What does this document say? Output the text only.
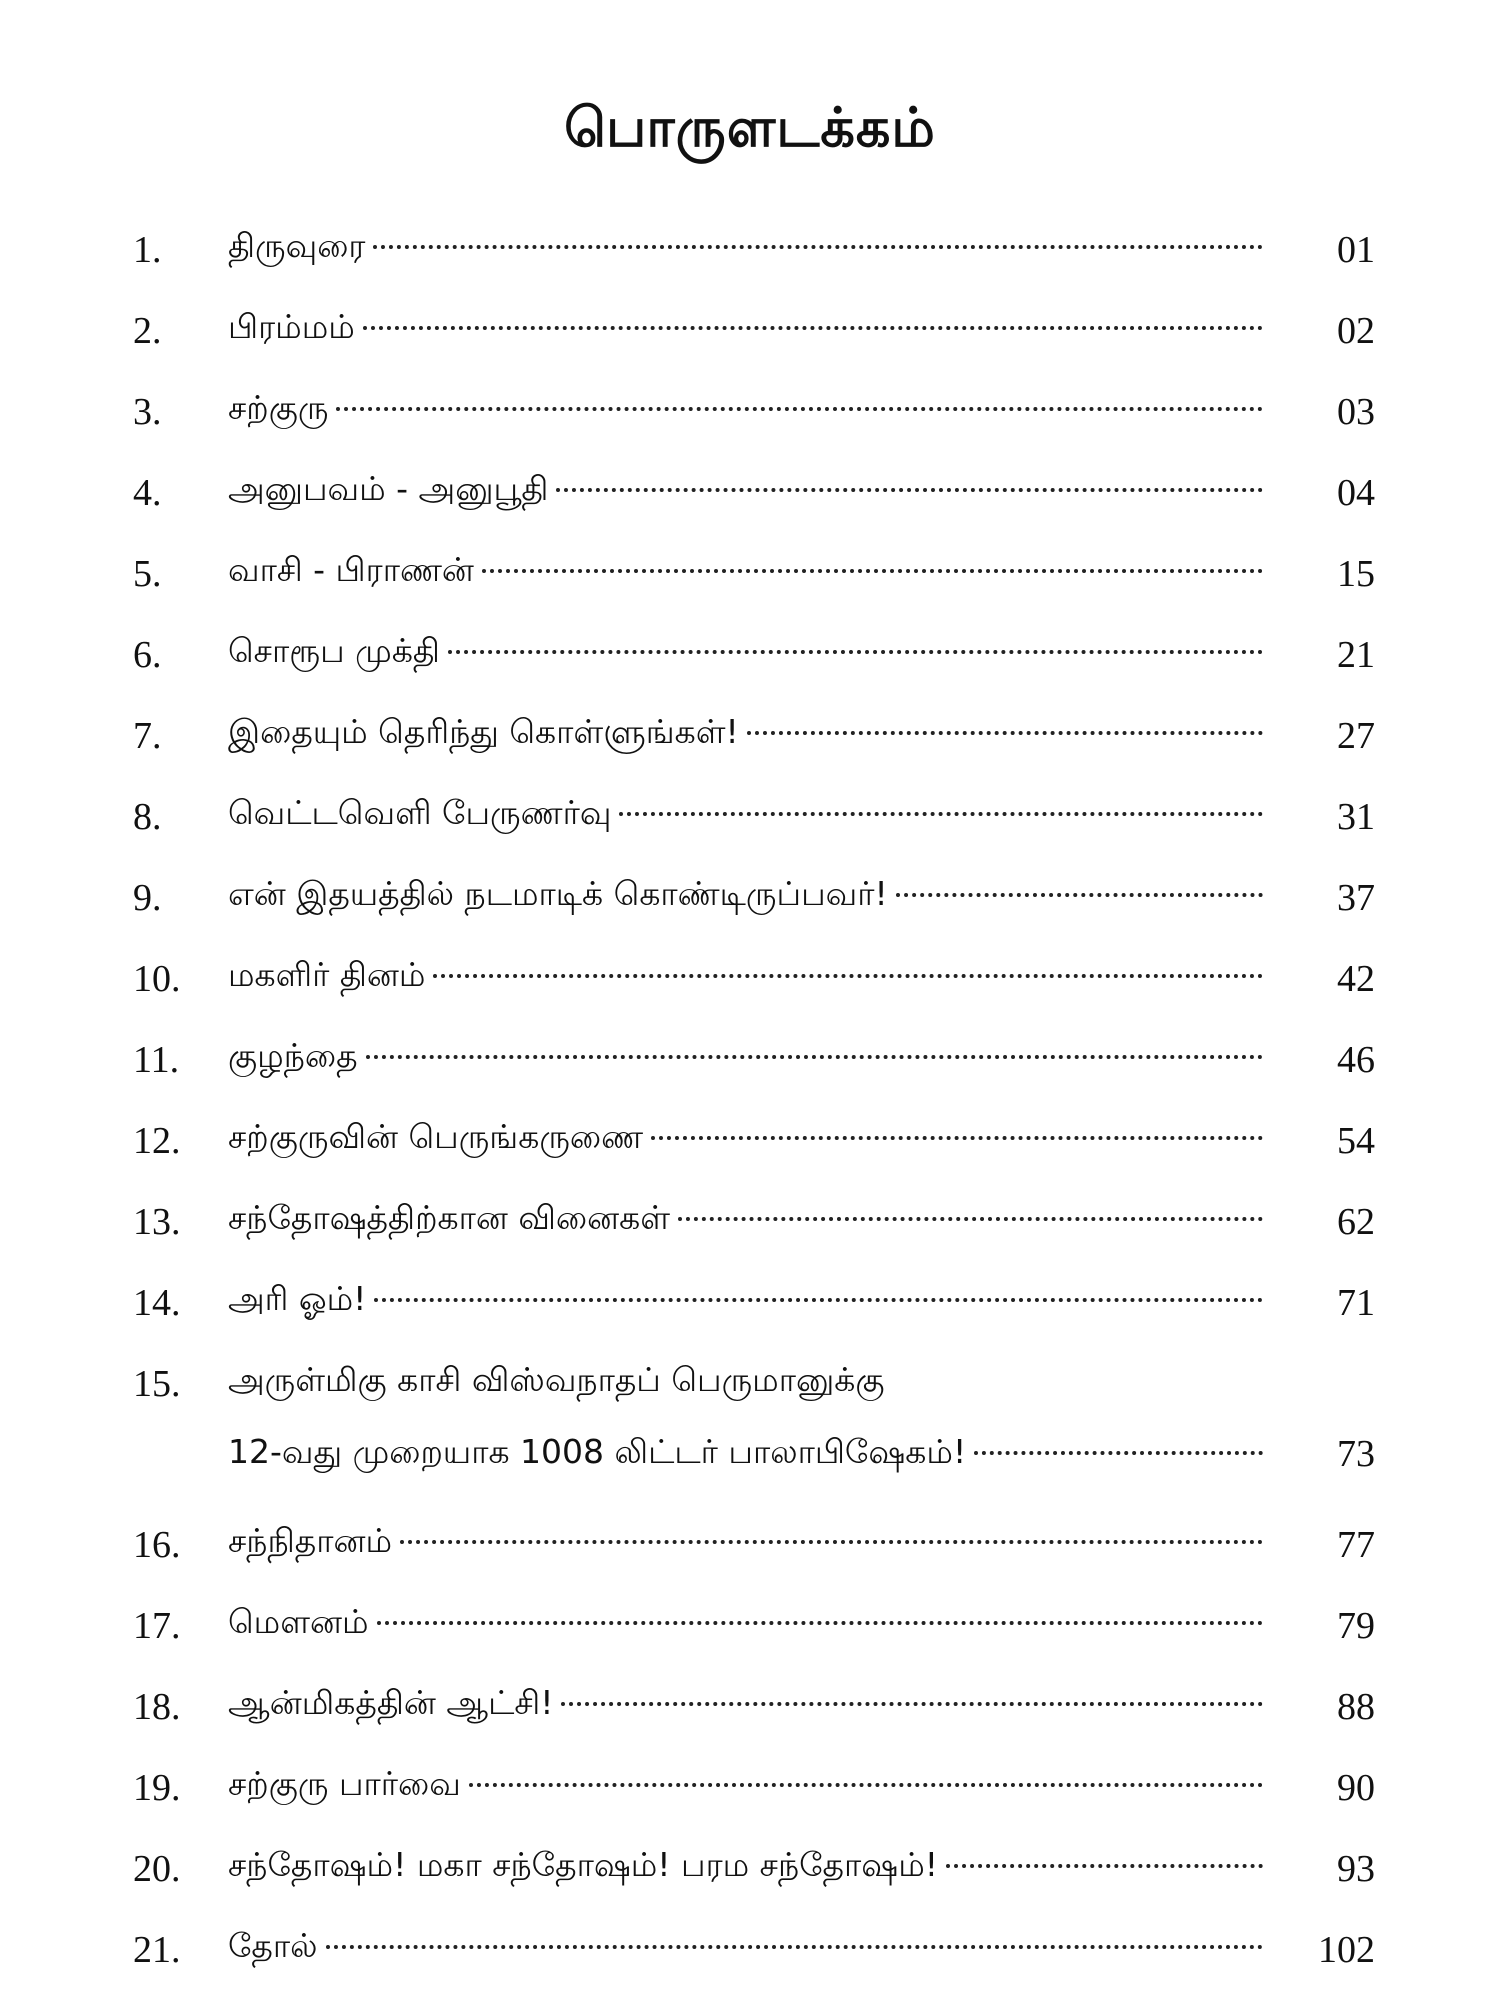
பொருளடக்கம்
1. திருவுரை	01
2. பிரம்மம்	02
3. சற்குரு	03
4. அனுபவம் - அனுபூதி	04
5. வாசி - பிராணன்	15
6. சொரூப முக்தி	21
7. இதையும் தெரிந்து கொள்ளுங்கள்!	27
8. வெட்டவெளி பேருணர்வு	31
9. என் இதயத்தில் நடமாடிக் கொண்டிருப்பவர்!	37
10. மகளிர் தினம்	42
11. குழந்தை	46
12. சற்குருவின் பெருங்கருணை	54
13. சந்தோஷத்திற்கான வினைகள்	62
14. அரி ஓம்!	71
15. அருள்மிகு காசி விஸ்வநாதப் பெருமானுக்கு
12-வது முறையாக 1008 லிட்டர் பாலாபிஷேகம்!	73
16. சந்நிதானம்	77
17. மௌனம்	79
18. ஆன்மிகத்தின் ஆட்சி!	88
19. சற்குரு பார்வை	90
20. சந்தோஷம்! மகா சந்தோஷம்! பரம சந்தோஷம்!	93
21. தோல்	102
